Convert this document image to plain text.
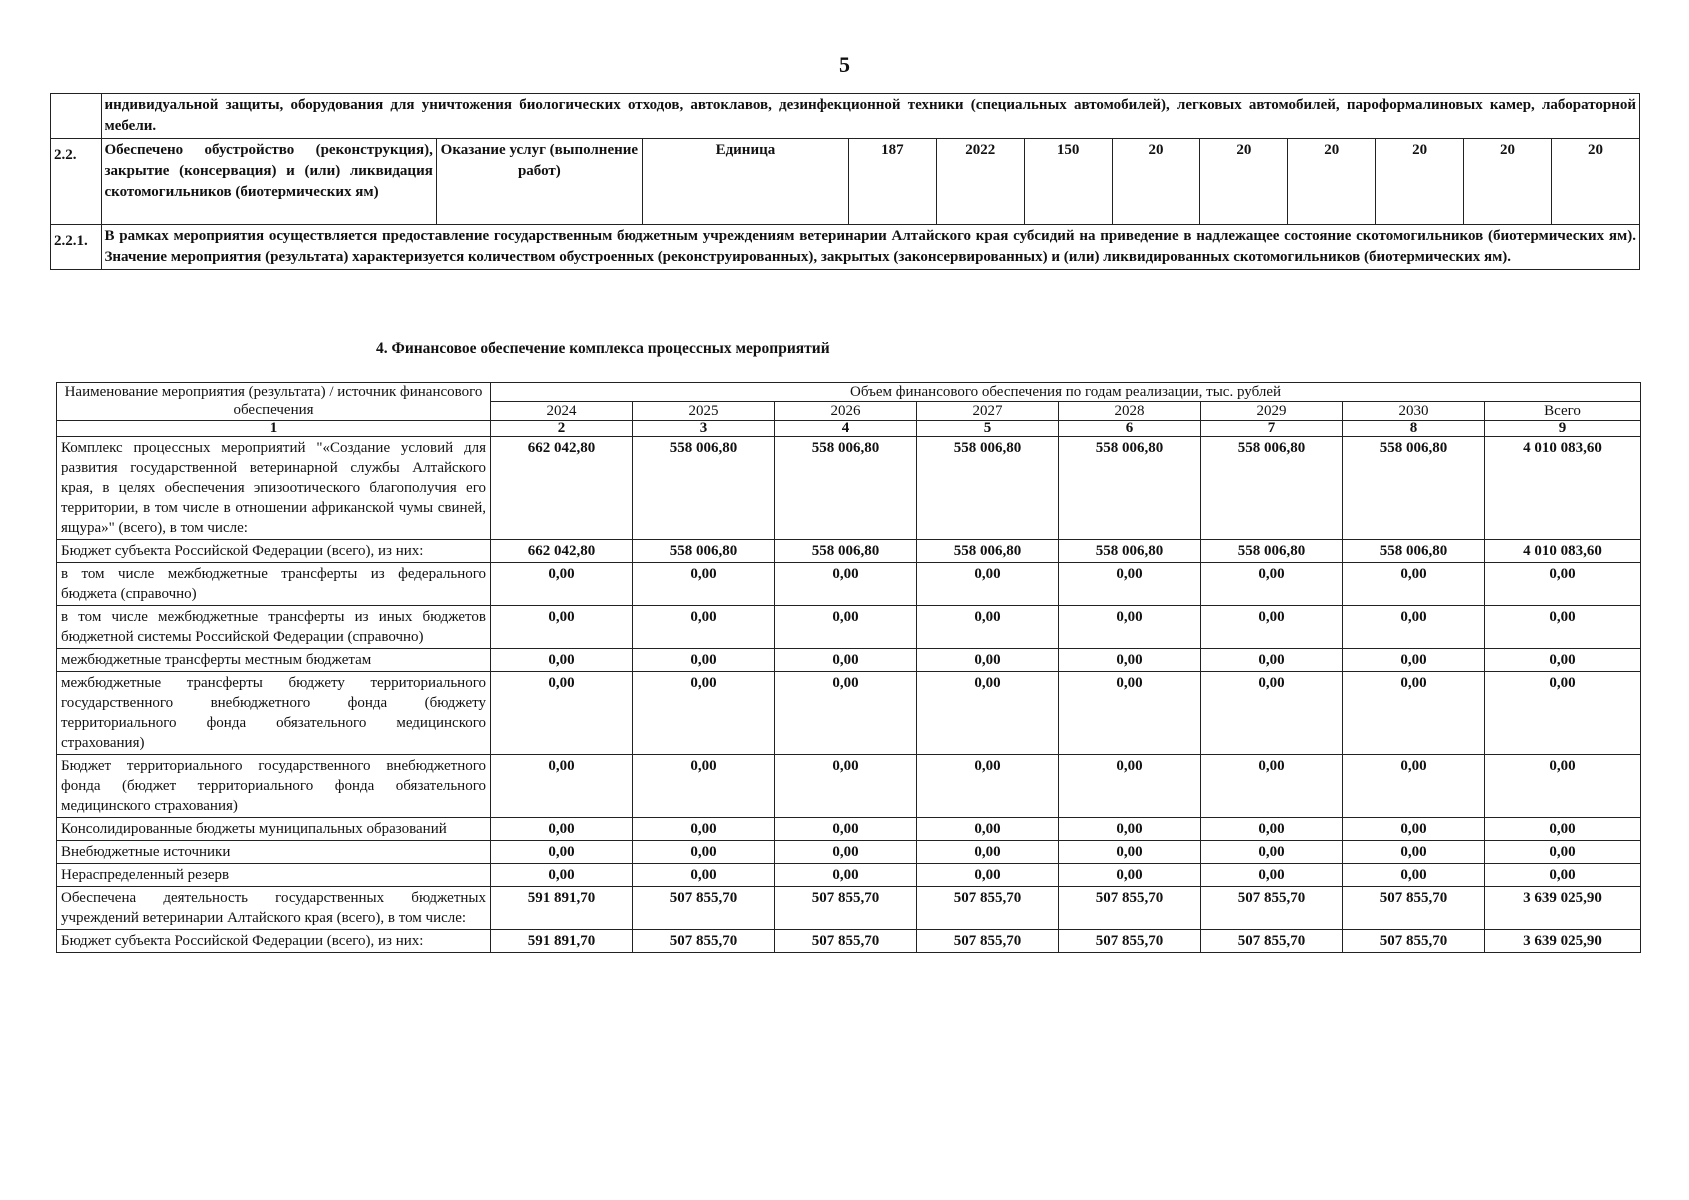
5
	индивидуальной защиты, оборудования для уничтожения биологических отходов, автоклавов, дезинфекционной техники (специальных автомобилей), легковых автомобилей, пароформалиновых камер, лабораторной мебели.											
2.2.	Обеспечено обустройство (реконструкция), закрытие (консервация) и (или) ликвидация скотомогильников (биотермических ям)	Оказание услуг (выполнение работ)	Единица	187	2022	150	20	20	20	20	20	20
2.2.1.	В рамках мероприятия осуществляется предоставление государственным бюджетным учреждениям ветеринарии Алтайского края субсидий на приведение в надлежащее состояние скотомогильников (биотермических ям). Значение мероприятия (результата) характеризуется количеством обустроенных (реконструированных), закрытых (законсервированных) и (или) ликвидированных скотомогильников (биотермических ям).											
4. Финансовое обеспечение комплекса процессных мероприятий
Наименование мероприятия (результата) / источник финансового обеспечения	Объем финансового обеспечения по годам реализации, тыс. рублей							
	2024	2025	2026	2027	2028	2029	2030	Всего
1	2	3	4	5	6	7	8	9
Комплекс процессных мероприятий "«Создание условий для развития государственной ветеринарной службы Алтайского края, в целях обеспечения эпизоотического благополучия его территории, в том числе в отношении африканской чумы свиней, ящура»" (всего), в том числе:	662 042,80	558 006,80	558 006,80	558 006,80	558 006,80	558 006,80	558 006,80	4 010 083,60
Бюджет субъекта Российской Федерации (всего), из них:	662 042,80	558 006,80	558 006,80	558 006,80	558 006,80	558 006,80	558 006,80	4 010 083,60
в том числе межбюджетные трансферты из федерального бюджета (справочно)	0,00	0,00	0,00	0,00	0,00	0,00	0,00	0,00
в том числе межбюджетные трансферты из иных бюджетов бюджетной системы Российской Федерации (справочно)	0,00	0,00	0,00	0,00	0,00	0,00	0,00	0,00
межбюджетные трансферты местным бюджетам	0,00	0,00	0,00	0,00	0,00	0,00	0,00	0,00
межбюджетные трансферты бюджету территориального государственного внебюджетного фонда (бюджету территориального фонда обязательного медицинского страхования)	0,00	0,00	0,00	0,00	0,00	0,00	0,00	0,00
Бюджет территориального государственного внебюджетного фонда (бюджет территориального фонда обязательного медицинского страхования)	0,00	0,00	0,00	0,00	0,00	0,00	0,00	0,00
Консолидированные бюджеты муниципальных образований	0,00	0,00	0,00	0,00	0,00	0,00	0,00	0,00
Внебюджетные источники	0,00	0,00	0,00	0,00	0,00	0,00	0,00	0,00
Нераспределенный резерв	0,00	0,00	0,00	0,00	0,00	0,00	0,00	0,00
Обеспечена деятельность государственных бюджетных учреждений ветеринарии Алтайского края (всего), в том числе:	591 891,70	507 855,70	507 855,70	507 855,70	507 855,70	507 855,70	507 855,70	3 639 025,90
Бюджет субъекта Российской Федерации (всего), из них:	591 891,70	507 855,70	507 855,70	507 855,70	507 855,70	507 855,70	507 855,70	3 639 025,90
